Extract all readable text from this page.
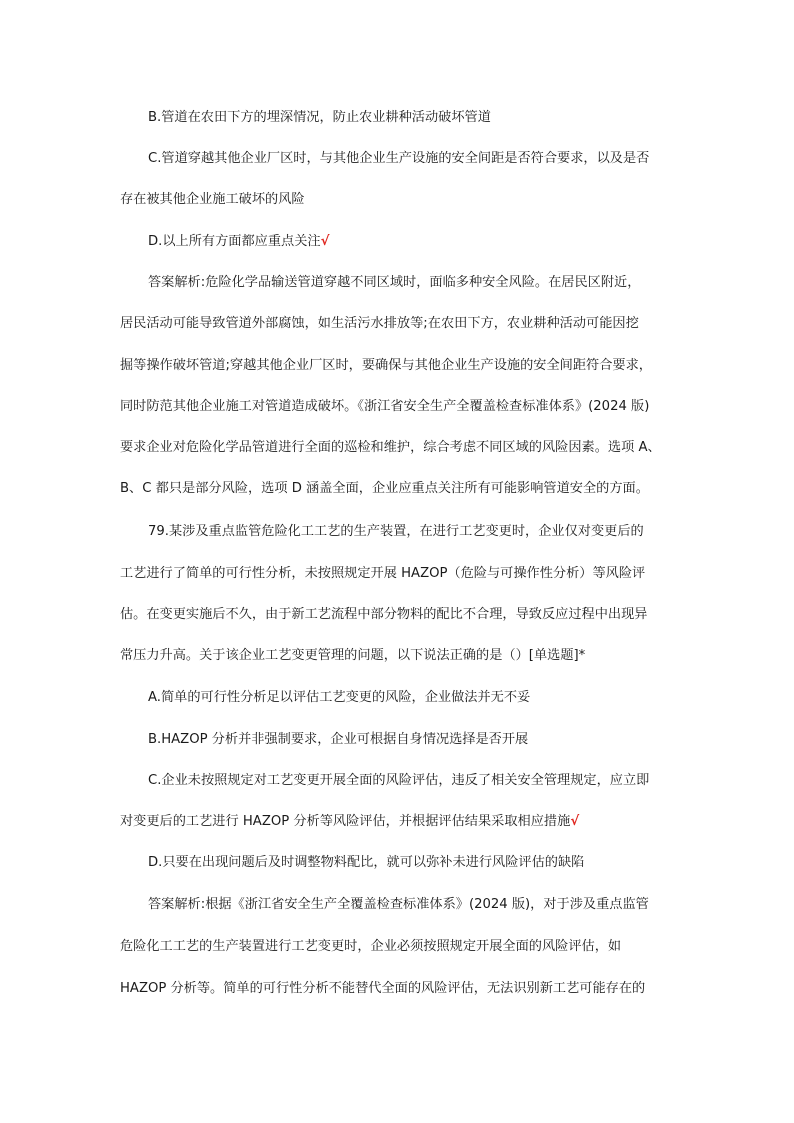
B.管道在农田下方的埋深情况，防止农业耕种活动破坏管道
C.管道穿越其他企业厂区时，与其他企业生产设施的安全间距是否符合要求，以及是否
存在被其他企业施工破坏的风险
D.以上所有方面都应重点关注√
答案解析:危险化学品输送管道穿越不同区域时，面临多种安全风险。在居民区附近，
居民活动可能导致管道外部腐蚀，如生活污水排放等;在农田下方，农业耕种活动可能因挖
掘等操作破坏管道;穿越其他企业厂区时，要确保与其他企业生产设施的安全间距符合要求，
同时防范其他企业施工对管道造成破坏。《浙江省安全生产全覆盖检查标准体系》(2024 版)
要求企业对危险化学品管道进行全面的巡检和维护，综合考虑不同区域的风险因素。选项 A、
B、C 都只是部分风险，选项 D 涵盖全面，企业应重点关注所有可能影响管道安全的方面。
79.某涉及重点监管危险化工工艺的生产装置，在进行工艺变更时，企业仅对变更后的
工艺进行了简单的可行性分析，未按照规定开展 HAZOP（危险与可操作性分析）等风险评
估。在变更实施后不久，由于新工艺流程中部分物料的配比不合理，导致反应过程中出现异
常压力升高。关于该企业工艺变更管理的问题，以下说法正确的是（）[单选题]*
A.简单的可行性分析足以评估工艺变更的风险，企业做法并无不妥
B.HAZOP 分析并非强制要求，企业可根据自身情况选择是否开展
C.企业未按照规定对工艺变更开展全面的风险评估，违反了相关安全管理规定，应立即
对变更后的工艺进行 HAZOP 分析等风险评估，并根据评估结果采取相应措施√
D.只要在出现问题后及时调整物料配比，就可以弥补未进行风险评估的缺陷
答案解析:根据《浙江省安全生产全覆盖检查标准体系》(2024 版)，对于涉及重点监管
危险化工工艺的生产装置进行工艺变更时，企业必须按照规定开展全面的风险评估，如
HAZOP 分析等。简单的可行性分析不能替代全面的风险评估，无法识别新工艺可能存在的
